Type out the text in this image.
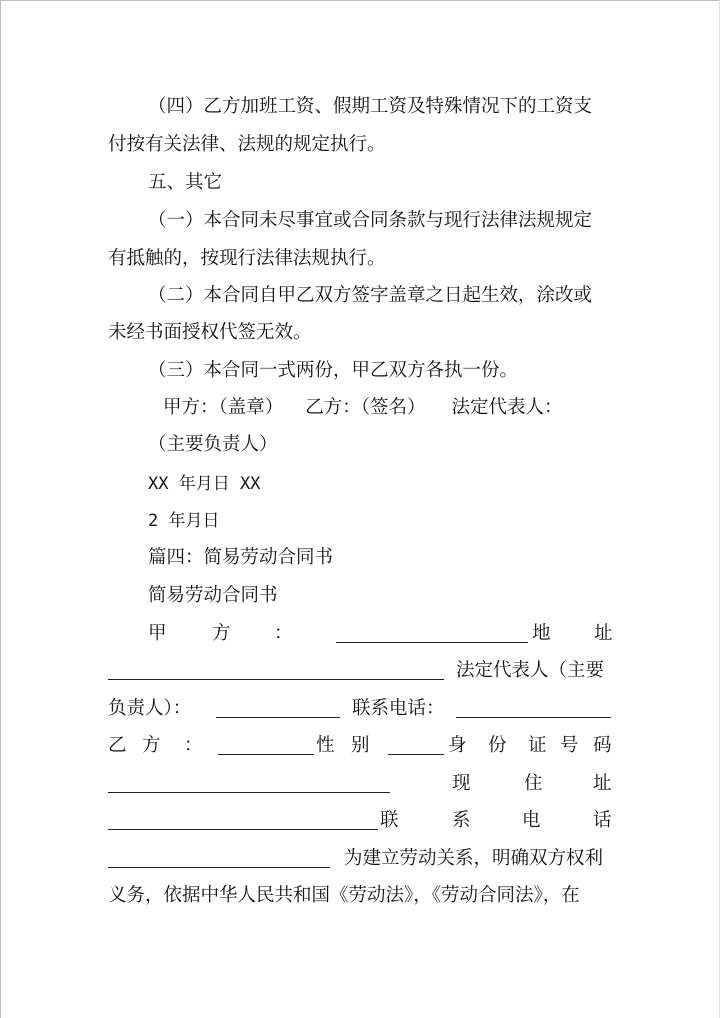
（四）乙方加班工资、假期工资及特殊情况下的工资支
付按有关法律、法规的规定执行。
五、其它
（一）本合同未尽事宜或合同条款与现行法律法规规定
有抵触的，按现行法律法规执行。
（二）本合同自甲乙双方签字盖章之日起生效，涂改或
未经书面授权代签无效。
（三）本合同一式两份，甲乙双方各执一份。
甲方：（盖章） 乙方：（签名） 法定代表人：
（主要负责人）
XX 年月日 XX
2 年月日
篇四：简易劳动合同书
简易劳动合同书
甲 方 ：	地 址
法定代表人（主要
负责人）：	联系电话：
乙 方 ：	性 别	身 份 证 号 码
现	住	址
联	系	电	话
为建立劳动关系，明确双方权利
义务，依据中华人民共和国《劳动法》，《劳动合同法》，在
